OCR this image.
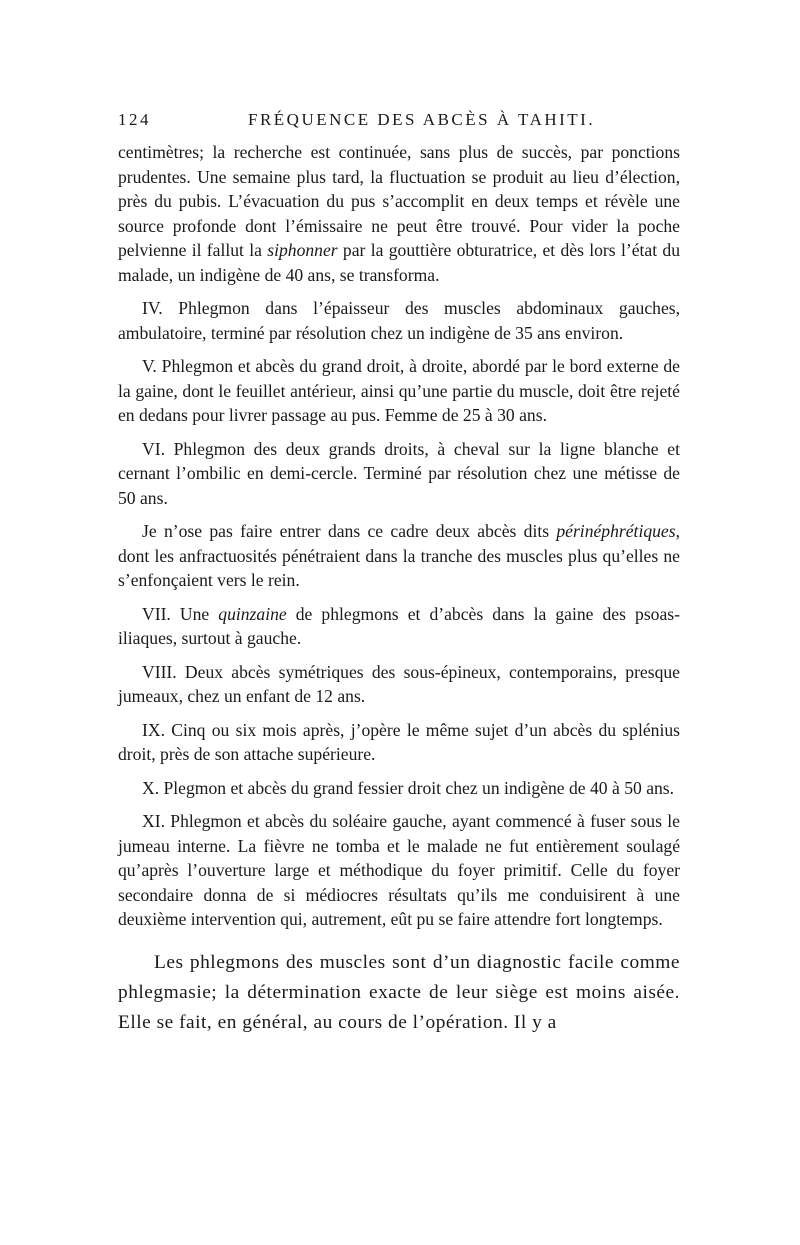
124	FRÉQUENCE DES ABCÈS À TAHITI.

centimètres; la recherche est continuée, sans plus de succès, par ponctions prudentes. Une semaine plus tard, la fluctuation se produit au lieu d’élection, près du pubis. L’évacuation du pus s’accomplit en deux temps et révèle une source profonde dont l’émissaire ne peut être trouvé. Pour vider la poche pelvienne il fallut la siphonner par la gouttière obturatrice, et dès lors l’état du malade, un indigène de 40 ans, se transforma.

IV. Phlegmon dans l’épaisseur des muscles abdominaux gauches, ambulatoire, terminé par résolution chez un indigène de 35 ans environ.

V. Phlegmon et abcès du grand droit, à droite, abordé par le bord externe de la gaine, dont le feuillet antérieur, ainsi qu’une partie du muscle, doit être rejeté en dedans pour livrer passage au pus. Femme de 25 à 30 ans.

VI. Phlegmon des deux grands droits, à cheval sur la ligne blanche et cernant l’ombilic en demi-cercle. Terminé par résolution chez une métisse de 50 ans.

Je n’ose pas faire entrer dans ce cadre deux abcès dits périnéphrétiques, dont les anfractuosités pénétraient dans la tranche des muscles plus qu’elles ne s’enfonçaient vers le rein.

VII. Une quinzaine de phlegmons et d’abcès dans la gaine des psoas-iliaques, surtout à gauche.

VIII. Deux abcès symétriques des sous-épineux, contemporains, presque jumeaux, chez un enfant de 12 ans.

IX. Cinq ou six mois après, j’opère le même sujet d’un abcès du splénius droit, près de son attache supérieure.

X. Plegmon et abcès du grand fessier droit chez un indigène de 40 à 50 ans.

XI. Phlegmon et abcès du soléaire gauche, ayant commencé à fuser sous le jumeau interne. La fièvre ne tomba et le malade ne fut entièrement soulagé qu’après l’ouverture large et méthodique du foyer primitif. Celle du foyer secondaire donna de si médiocres résultats qu’ils me conduisirent à une deuxième intervention qui, autrement, eût pu se faire attendre fort longtemps.

Les phlegmons des muscles sont d’un diagnostic facile comme phlegmasie; la détermination exacte de leur siège est moins aisée. Elle se fait, en général, au cours de l’opération. Il y a
